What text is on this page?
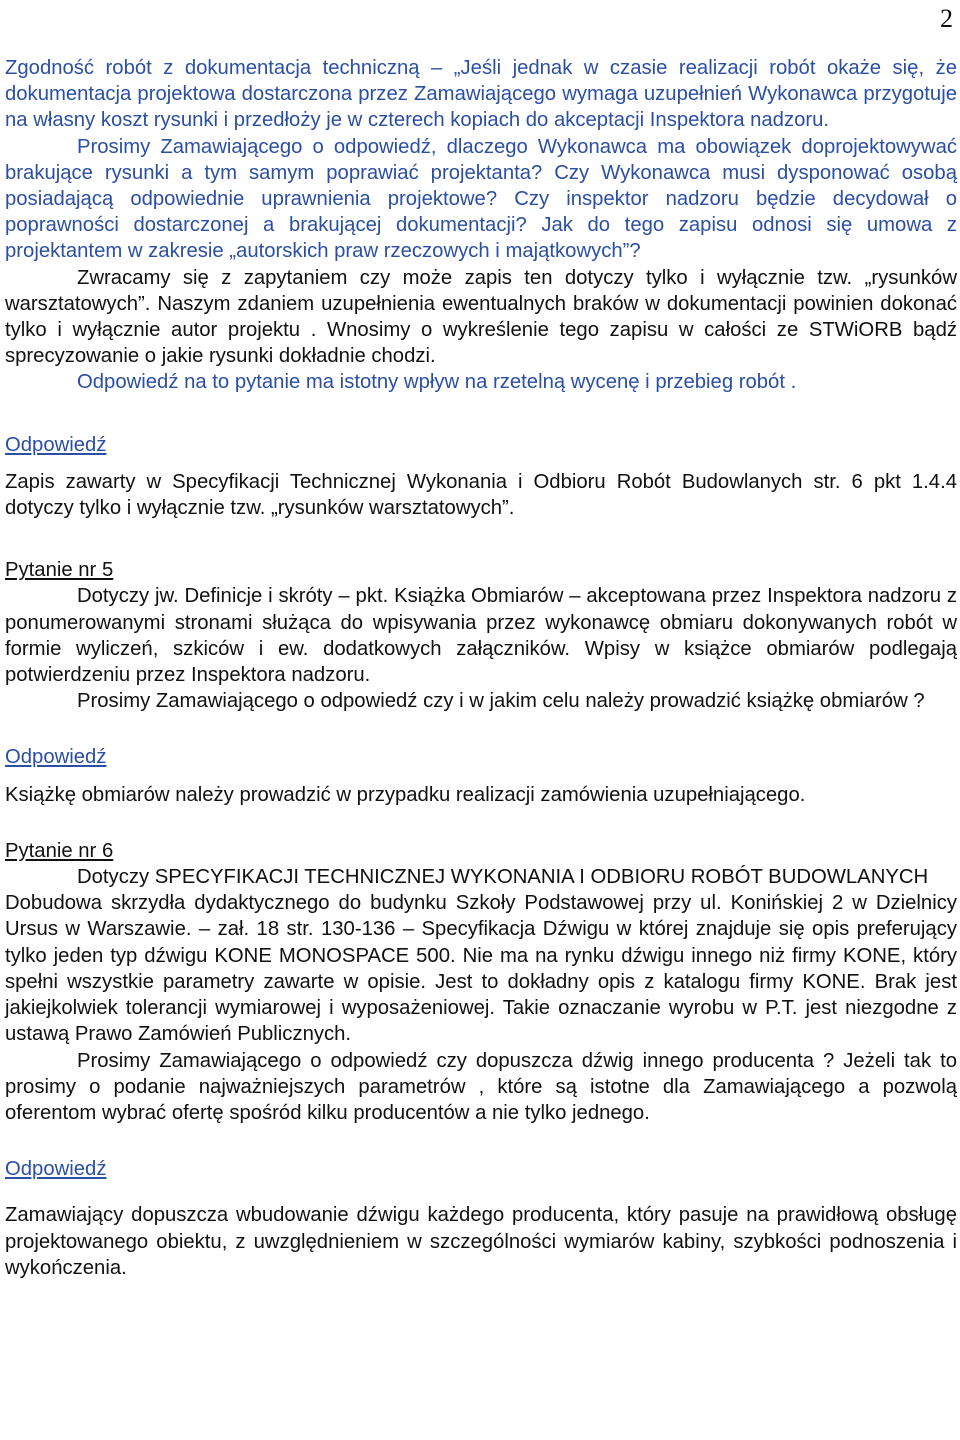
2

Zgodność robót z dokumentacja techniczną – „Jeśli jednak w czasie realizacji robót okaże się, że dokumentacja projektowa dostarczona przez Zamawiającego wymaga uzupełnień Wykonawca przygotuje na własny koszt rysunki i przedłoży je w czterech kopiach do akceptacji Inspektora nadzoru.

Prosimy Zamawiającego o odpowiedź, dlaczego Wykonawca ma obowiązek doprojektowywać brakujące rysunki a tym samym poprawiać projektanta? Czy Wykonawca musi dysponować osobą posiadającą odpowiednie uprawnienia projektowe? Czy inspektor nadzoru będzie decydował o poprawności dostarczonej a brakującej dokumentacji? Jak do tego zapisu odnosi się umowa z projektantem w zakresie „autorskich praw rzeczowych i majątkowych”?

Zwracamy się z zapytaniem czy może zapis ten dotyczy tylko i wyłącznie tzw. „rysunków warsztatowych”. Naszym zdaniem uzupełnienia ewentualnych braków w dokumentacji powinien dokonać tylko i wyłącznie autor projektu . Wnosimy o wykreślenie tego zapisu w całości ze STWiORB bądź sprecyzowanie o jakie rysunki dokładnie chodzi.

Odpowiedź na to pytanie ma istotny wpływ na rzetelną wycenę i przebieg robót .

Odpowiedź

Zapis zawarty w Specyfikacji Technicznej Wykonania i Odbioru Robót Budowlanych str. 6 pkt 1.4.4 dotyczy tylko i wyłącznie tzw. „rysunków warsztatowych”.

Pytanie nr 5

Dotyczy jw. Definicje i skróty – pkt. Książka Obmiarów – akceptowana przez Inspektora nadzoru z ponumerowanymi stronami służąca do wpisywania przez wykonawcę obmiaru dokonywanych robót w formie wyliczeń, szkiców i ew. dodatkowych załączników. Wpisy w książce obmiarów podlegają potwierdzeniu przez Inspektora nadzoru.

Prosimy Zamawiającego o odpowiedź czy i w jakim celu należy prowadzić książkę obmiarów ?

Odpowiedź

Książkę obmiarów należy prowadzić w przypadku realizacji zamówienia uzupełniającego.

Pytanie nr 6

Dotyczy SPECYFIKACJI TECHNICZNEJ WYKONANIA I ODBIORU ROBÓT BUDOWLANYCH

Dobudowa skrzydła dydaktycznego do budynku Szkoły Podstawowej przy ul. Konińskiej 2 w Dzielnicy Ursus w Warszawie. – zał. 18 str. 130-136 – Specyfikacja Dźwigu w której znajduje się opis preferujący tylko jeden typ dźwigu KONE MONOSPACE 500. Nie ma na rynku dźwigu innego niż firmy KONE, który spełni wszystkie parametry zawarte w opisie. Jest to dokładny opis z katalogu firmy KONE. Brak jest jakiejkolwiek tolerancji wymiarowej i wyposażeniowej. Takie oznaczanie wyrobu w P.T. jest niezgodne z ustawą Prawo Zamówień Publicznych.

Prosimy Zamawiającego o odpowiedź czy dopuszcza dźwig innego producenta ? Jeżeli tak to prosimy o podanie najważniejszych parametrów , które są istotne dla Zamawiającego a pozwolą oferentom wybrać ofertę spośród kilku producentów a nie tylko jednego.

Odpowiedź

Zamawiający dopuszcza wbudowanie dźwigu każdego producenta, który pasuje na prawidłową obsługę projektowanego obiektu, z uwzględnieniem w szczególności wymiarów kabiny, szybkości podnoszenia i wykończenia.
